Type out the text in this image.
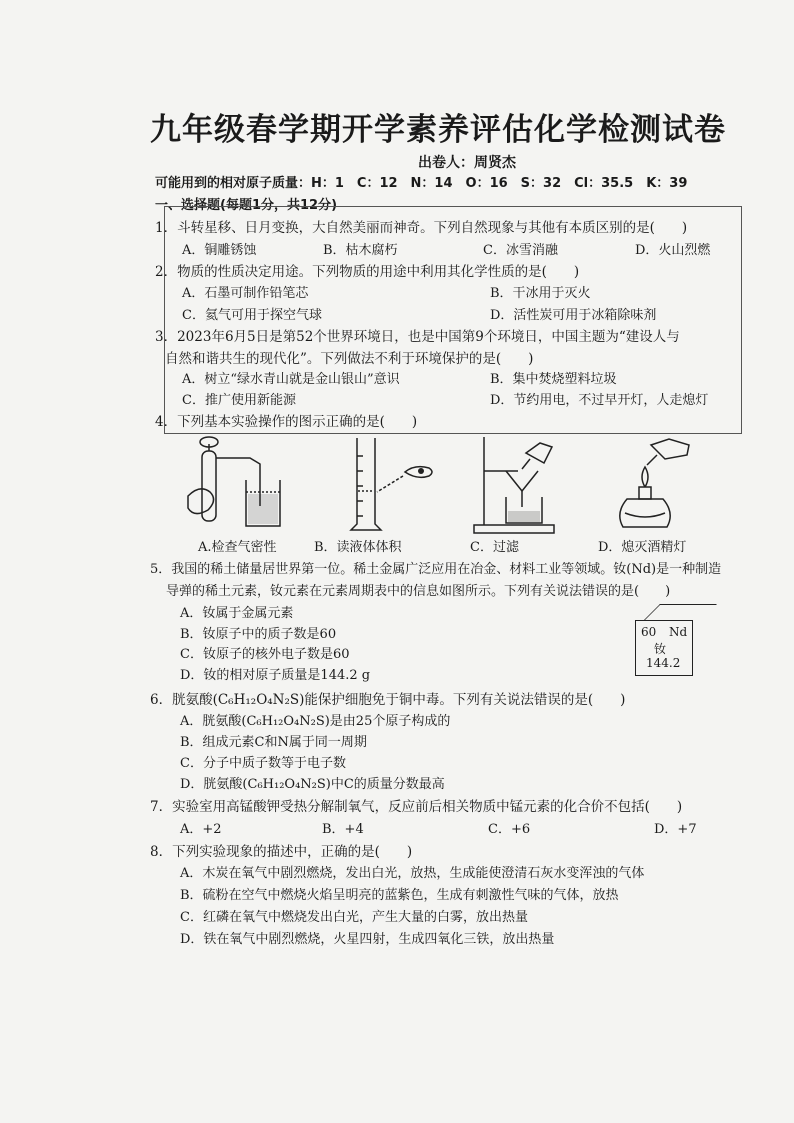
九年级春学期开学素养评估化学检测试卷
出卷人：周贤杰
可能用到的相对原子质量：H：1　C：12　N：14　O：16　S：32　Cl：35.5　K：39
一、选择题(每题1分，共12分)
1．斗转星移、日月变换，大自然美丽而神奇。下列自然现象与其他有本质区别的是(　　)
A．铜雕锈蚀	B．枯木腐朽	C．冰雪消融	D．火山烈燃
2．物质的性质决定用途。下列物质的用途中利用其化学性质的是(　　)
A．石墨可制作铅笔芯	B．干冰用于灭火
C．氦气可用于探空气球	D．活性炭可用于冰箱除味剂
3．2023年6月5日是第52个世界环境日，也是中国第9个环境日，中国主题为“建设人与
自然和谐共生的现代化”。下列做法不利于环境保护的是(　　)
A．树立“绿水青山就是金山银山”意识	B．集中焚烧塑料垃圾
C．推广使用新能源	D．节约用电，不过早开灯，人走熄灯
4．下列基本实验操作的图示正确的是(　　)
A.检查气密性	B．读液体体积	C．过滤	D．熄灭酒精灯
5．我国的稀土储量居世界第一位。稀土金属广泛应用在冶金、材料工业等领域。钕(Nd)是一种制造
导弹的稀土元素，钕元素在元素周期表中的信息如图所示。下列有关说法错误的是(　　)
A．钕属于金属元素
B．钕原子中的质子数是60
C．钕原子的核外电子数是60
D．钕的相对原子质量是144.2 g
60 Nd
钕
144.2
6．胱氨酸(C₆H₁₂O₄N₂S)能保护细胞免于铜中毒。下列有关说法错误的是(　　)
A．胱氨酸(C₆H₁₂O₄N₂S)是由25个原子构成的
B．组成元素C和N属于同一周期
C．分子中质子数等于电子数
D．胱氨酸(C₆H₁₂O₄N₂S)中C的质量分数最高
7．实验室用高锰酸钾受热分解制氧气，反应前后相关物质中锰元素的化合价不包括(　　)
A．+2	B．+4	C．+6	D．+7
8．下列实验现象的描述中，正确的是(　　)
A．木炭在氧气中剧烈燃烧，发出白光，放热，生成能使澄清石灰水变浑浊的气体
B．硫粉在空气中燃烧火焰呈明亮的蓝紫色，生成有刺激性气味的气体，放热
C．红磷在氧气中燃烧发出白光，产生大量的白雾，放出热量
D．铁在氧气中剧烈燃烧，火星四射，生成四氧化三铁，放出热量
